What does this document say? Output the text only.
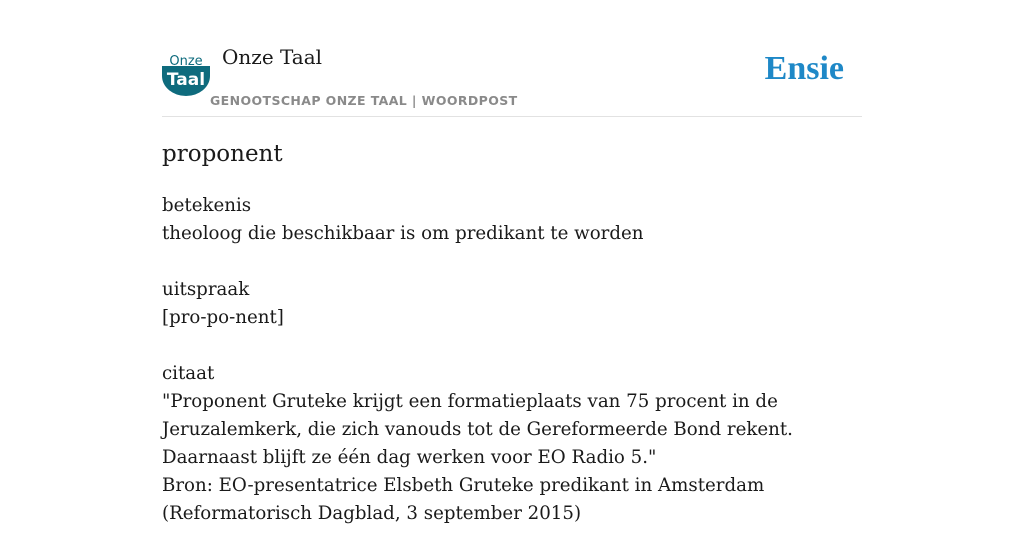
Onze
Taal
Onze Taal
GENOOTSCHAP ONZE TAAL | WOORDPOST
Ensie
proponent
betekenis
theoloog die beschikbaar is om predikant te worden
uitspraak
[pro-po-nent]
citaat
"Proponent Gruteke krijgt een formatieplaats van 75 procent in de Jeruzalemkerk, die zich vanouds tot de Gereformeerde Bond rekent. Daarnaast blijft ze één dag werken voor EO Radio 5."
Bron: EO-presentatrice Elsbeth Gruteke predikant in Amsterdam (Reformatorisch Dagblad, 3 september 2015)
